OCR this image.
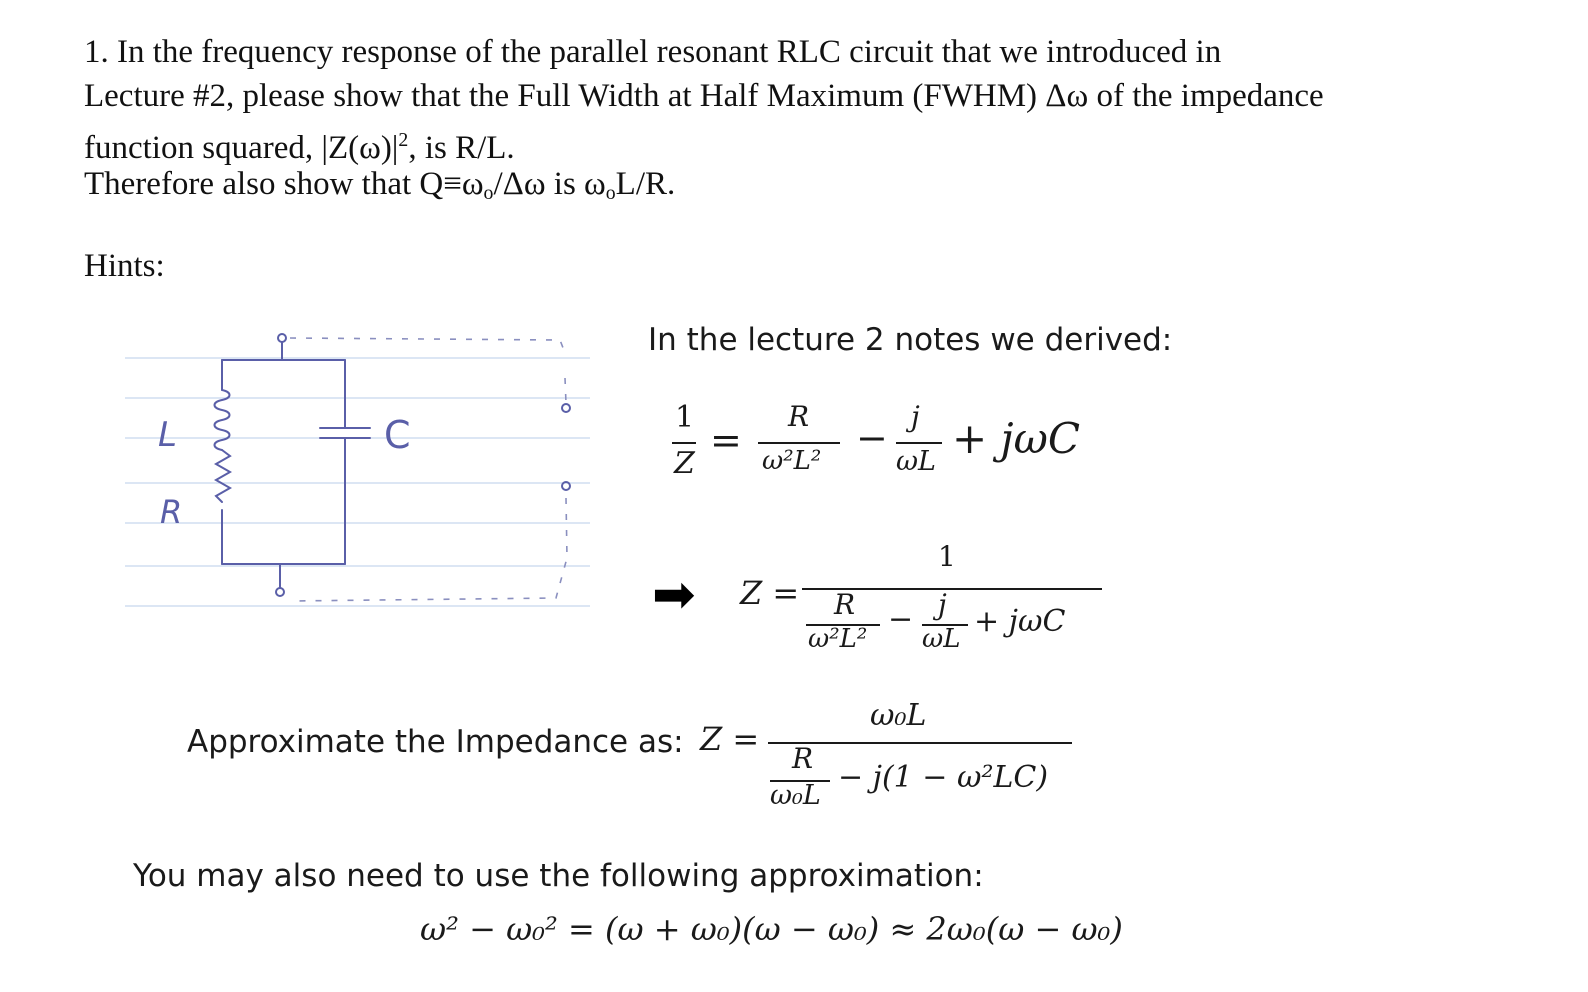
1. In the frequency response of the parallel resonant RLC circuit that we introduced in
Lecture #2, please show that the Full Width at Half Maximum (FWHM) Δω of the impedance
function squared, $|Z(\omega)|^2$, is R/L.
Therefore also show that $Q\equiv\omega_o/\Delta\omega$ is $\omega_oL/R$.
Hints:
L
R
C
In the lecture 2 notes we derived:
1
Z
=
R
ω²L²
− j
ωL + jωC
➡ Z =
1
R
ω²L²
− j
ωL + jωC
Approximate the Impedance as: Z =
ω₀L
R
ω₀L
− j(1 − ω²LC)
You may also need to use the following approximation:
ω² − ω₀² = (ω + ω₀)(ω − ω₀) ≈ 2ω₀(ω − ω₀)
